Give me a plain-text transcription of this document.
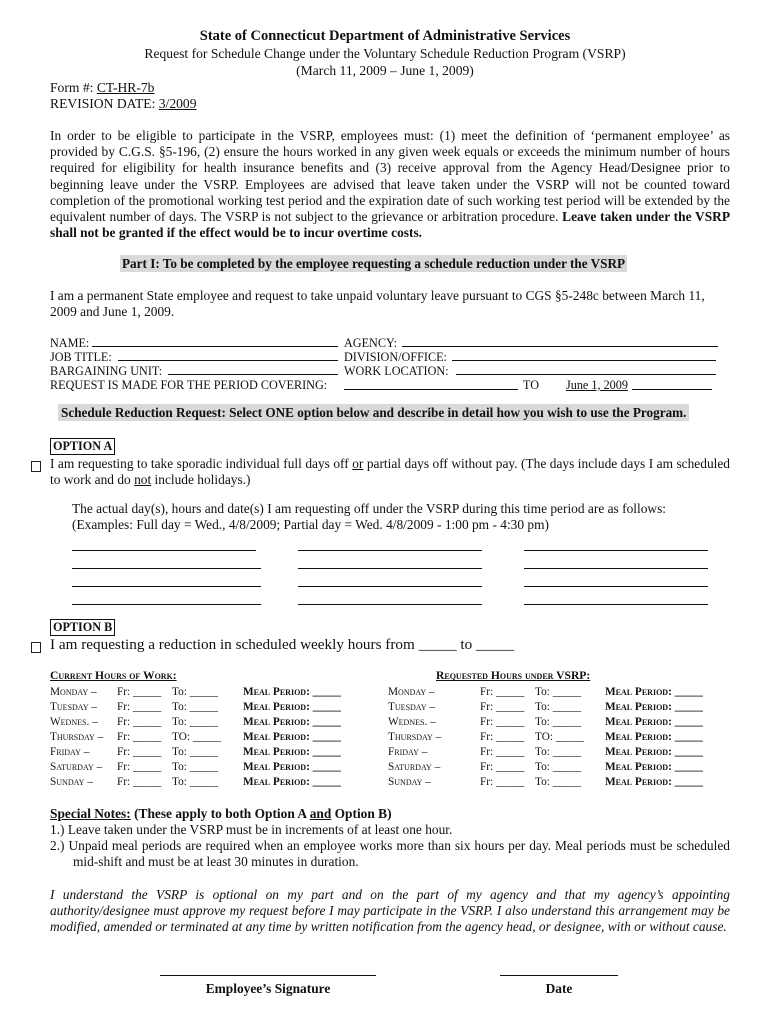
State of Connecticut Department of Administrative Services
Request for Schedule Change under the Voluntary Schedule Reduction Program (VSRP)
(March 11, 2009 – June 1, 2009)
Form #: CT-HR-7b
REVISION DATE: 3/2009
In order to be eligible to participate in the VSRP, employees must: (1) meet the definition of ‘permanent employee’ as provided by C.G.S. §5-196, (2) ensure the hours worked in any given week equals or exceeds the minimum number of hours required for eligibility for health insurance benefits and (3) receive approval from the Agency Head/Designee prior to beginning leave under the VSRP. Employees are advised that leave taken under the VSRP will not be counted toward completion of the promotional working test period and the expiration date of such working test period will be extended by the equivalent number of days. The VSRP is not subject to the grievance or arbitration procedure. Leave taken under the VSRP shall not be granted if the effect would be to incur overtime costs.
Part I: To be completed by the employee requesting a schedule reduction under the VSRP
I am a permanent State employee and request to take unpaid voluntary leave pursuant to CGS §5-248c between March 11, 2009 and June 1, 2009.
NAME:	AGENCY:
JOB TITLE:	DIVISION/OFFICE:
BARGAINING UNIT:	WORK LOCATION:
REQUEST IS MADE FOR THE PERIOD COVERING:	TO June 1, 2009
Schedule Reduction Request: Select ONE option below and describe in detail how you wish to use the Program.
OPTION A
I am requesting to take sporadic individual full days off or partial days off without pay. (The days include days I am scheduled to work and do not include holidays.)
The actual day(s), hours and date(s) I am requesting off under the VSRP during this time period are as follows:
(Examples: Full day = Wed., 4/8/2009; Partial day = Wed. 4/8/2009 - 1:00 pm - 4:30 pm)
OPTION B
I am requesting a reduction in scheduled weekly hours from _____ to _____
Current Hours of Work:	Requested Hours under VSRP:
Monday – Fr: _____ To: _____ Meal Period: _____	Monday –	Fr: _____ To: _____ Meal Period: _____
Tuesday – Fr: _____ To: _____ Meal Period: _____	Tuesday –	Fr: _____ To: _____ Meal Period: _____
Wednes. – Fr: _____ To: _____ Meal Period: _____	Wednes. –	Fr: _____ To: _____ Meal Period: _____
Thursday – Fr: _____ TO: _____ Meal Period: _____	Thursday –	Fr: _____ TO: _____ Meal Period: _____
Friday – Fr: _____ To: _____ Meal Period: _____	Friday –	Fr: _____ To: _____ Meal Period: _____
Saturday – Fr: _____ To: _____ Meal Period: _____	Saturday –	Fr: _____ To: _____ Meal Period: _____
Sunday – Fr: _____ To: _____ Meal Period: _____	Sunday –	Fr: _____ To: _____ Meal Period: _____
Special Notes: (These apply to both Option A and Option B)
1.) Leave taken under the VSRP must be in increments of at least one hour.
2.) Unpaid meal periods are required when an employee works more than six hours per day. Meal periods must be scheduled mid-shift and must be at least 30 minutes in duration.
I understand the VSRP is optional on my part and on the part of my agency and that my agency’s appointing authority/designee must approve my request before I may participate in the VSRP. I also understand this arrangement may be modified, amended or terminated at any time by written notification from the agency head, or designee, with or without cause.
Employee’s Signature	Date
